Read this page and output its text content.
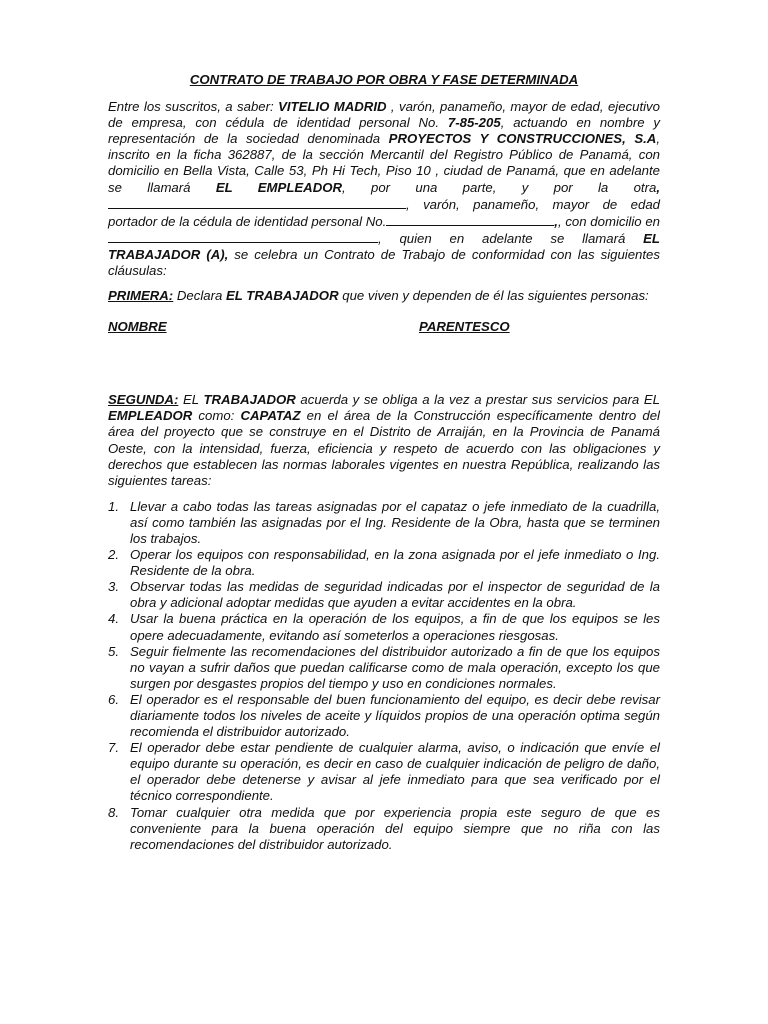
CONTRATO DE TRABAJO POR OBRA Y FASE DETERMINADA

Entre los suscritos, a saber: VITELIO MADRID , varón, panameño, mayor de edad, ejecutivo de empresa, con cédula de identidad personal No. 7-85-205, actuando en nombre y representación de la sociedad denominada PROYECTOS Y CONSTRUCCIONES, S.A, inscrito en la ficha 362887, de la sección Mercantil del Registro Público de Panamá, con domicilio en Bella Vista, Calle 53, Ph Hi Tech, Piso 10 , ciudad de Panamá, que en adelante se llamará EL EMPLEADOR, por una parte, y por la otra, , varón, panameño, mayor de edad portador de la cédula de identidad personal No.	,, con domicilio en , quien en adelante se llamará EL TRABAJADOR (A), se celebra un Contrato de Trabajo de conformidad con las siguientes cláusulas:

PRIMERA: Declara EL TRABAJADOR que viven y dependen de él las siguientes personas:

NOMBRE	PARENTESCO

SEGUNDA: EL TRABAJADOR acuerda y se obliga a la vez a prestar sus servicios para EL EMPLEADOR como: CAPATAZ en el área de la Construcción específicamente dentro del área del proyecto que se construye en el Distrito de Arraiján, en la Provincia de Panamá Oeste, con la intensidad, fuerza, eficiencia y respeto de acuerdo con las obligaciones y derechos que establecen las normas laborales vigentes en nuestra República, realizando las siguientes tareas:

1. Llevar a cabo todas las tareas asignadas por el capataz o jefe inmediato de la cuadrilla, así como también las asignadas por el Ing. Residente de la Obra, hasta que se terminen los trabajos.
2. Operar los equipos con responsabilidad, en la zona asignada por el jefe inmediato o Ing. Residente de la obra.
3. Observar todas las medidas de seguridad indicadas por el inspector de seguridad de la obra y adicional adoptar medidas que ayuden a evitar accidentes en la obra.
4. Usar la buena práctica en la operación de los equipos, a fin de que los equipos se les opere adecuadamente, evitando así someterlos a operaciones riesgosas.
5. Seguir fielmente las recomendaciones del distribuidor autorizado a fin de que los equipos no vayan a sufrir daños que puedan calificarse como de mala operación, excepto los que surgen por desgastes propios del tiempo y uso en condiciones normales.
6. El operador es el responsable del buen funcionamiento del equipo, es decir debe revisar diariamente todos los niveles de aceite y líquidos propios de una operación optima según recomienda el distribuidor autorizado.
7. El operador debe estar pendiente de cualquier alarma, aviso, o indicación que envíe el equipo durante su operación, es decir en caso de cualquier indicación de peligro de daño, el operador debe detenerse y avisar al jefe inmediato para que sea verificado por el técnico correspondiente.
8. Tomar cualquier otra medida que por experiencia propia este seguro de que es conveniente para la buena operación del equipo siempre que no riña con las recomendaciones del distribuidor autorizado.
